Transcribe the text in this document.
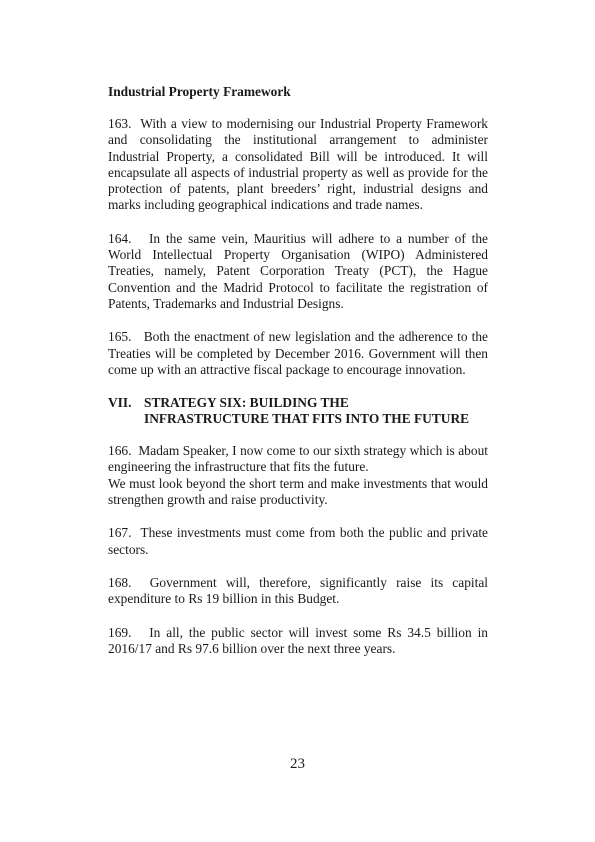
Industrial Property Framework

163. With a view to modernising our Industrial Property Framework and consolidating the institutional arrangement to administer Industrial Property, a consolidated Bill will be introduced. It will encapsulate all aspects of industrial property as well as provide for the protection of patents, plant breeders’ right, industrial designs and marks including geographical indications and trade names.

164. In the same vein, Mauritius will adhere to a number of the World Intellectual Property Organisation (WIPO) Administered Treaties, namely, Patent Corporation Treaty (PCT), the Hague Convention and the Madrid Protocol to facilitate the registration of Patents, Trademarks and Industrial Designs.

165. Both the enactment of new legislation and the adherence to the Treaties will be completed by December 2016. Government will then come up with an attractive fiscal package to encourage innovation.

VII. STRATEGY SIX: BUILDING THE
INFRASTRUCTURE THAT FITS INTO THE FUTURE

166. Madam Speaker, I now come to our sixth strategy which is about engineering the infrastructure that fits the future.
We must look beyond the short term and make investments that would strengthen growth and raise productivity.

167. These investments must come from both the public and private sectors.

168. Government will, therefore, significantly raise its capital expenditure to Rs 19 billion in this Budget.

169. In all, the public sector will invest some Rs 34.5 billion in 2016/17 and Rs 97.6 billion over the next three years.

23
